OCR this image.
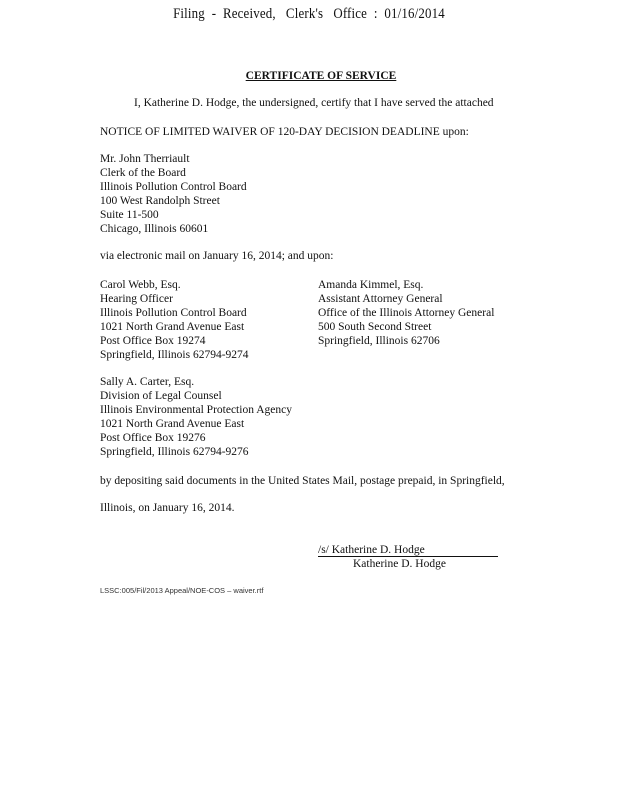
Filing  -  Received,   Clerk's   Office  :  01/16/2014
CERTIFICATE OF SERVICE
I, Katherine D. Hodge, the undersigned, certify that I have served the attached
NOTICE OF LIMITED WAIVER OF 120-DAY DECISION DEADLINE upon:
Mr. John Therriault
Clerk of the Board
Illinois Pollution Control Board
100 West Randolph Street
Suite 11-500
Chicago, Illinois 60601
via electronic mail on January 16, 2014; and upon:
Carol Webb, Esq.
Hearing Officer
Illinois Pollution Control Board
1021 North Grand Avenue East
Post Office Box 19274
Springfield, Illinois 62794-9274
Amanda Kimmel, Esq.
Assistant Attorney General
Office of the Illinois Attorney General
500 South Second Street
Springfield, Illinois 62706
Sally A. Carter, Esq.
Division of Legal Counsel
Illinois Environmental Protection Agency
1021 North Grand Avenue East
Post Office Box 19276
Springfield, Illinois 62794-9276
by depositing said documents in the United States Mail, postage prepaid, in Springfield,
Illinois, on January 16, 2014.
/s/ Katherine D. Hodge
Katherine D. Hodge
LSSC:005/Fil/2013 Appeal/NOE-COS – waiver.rtf
